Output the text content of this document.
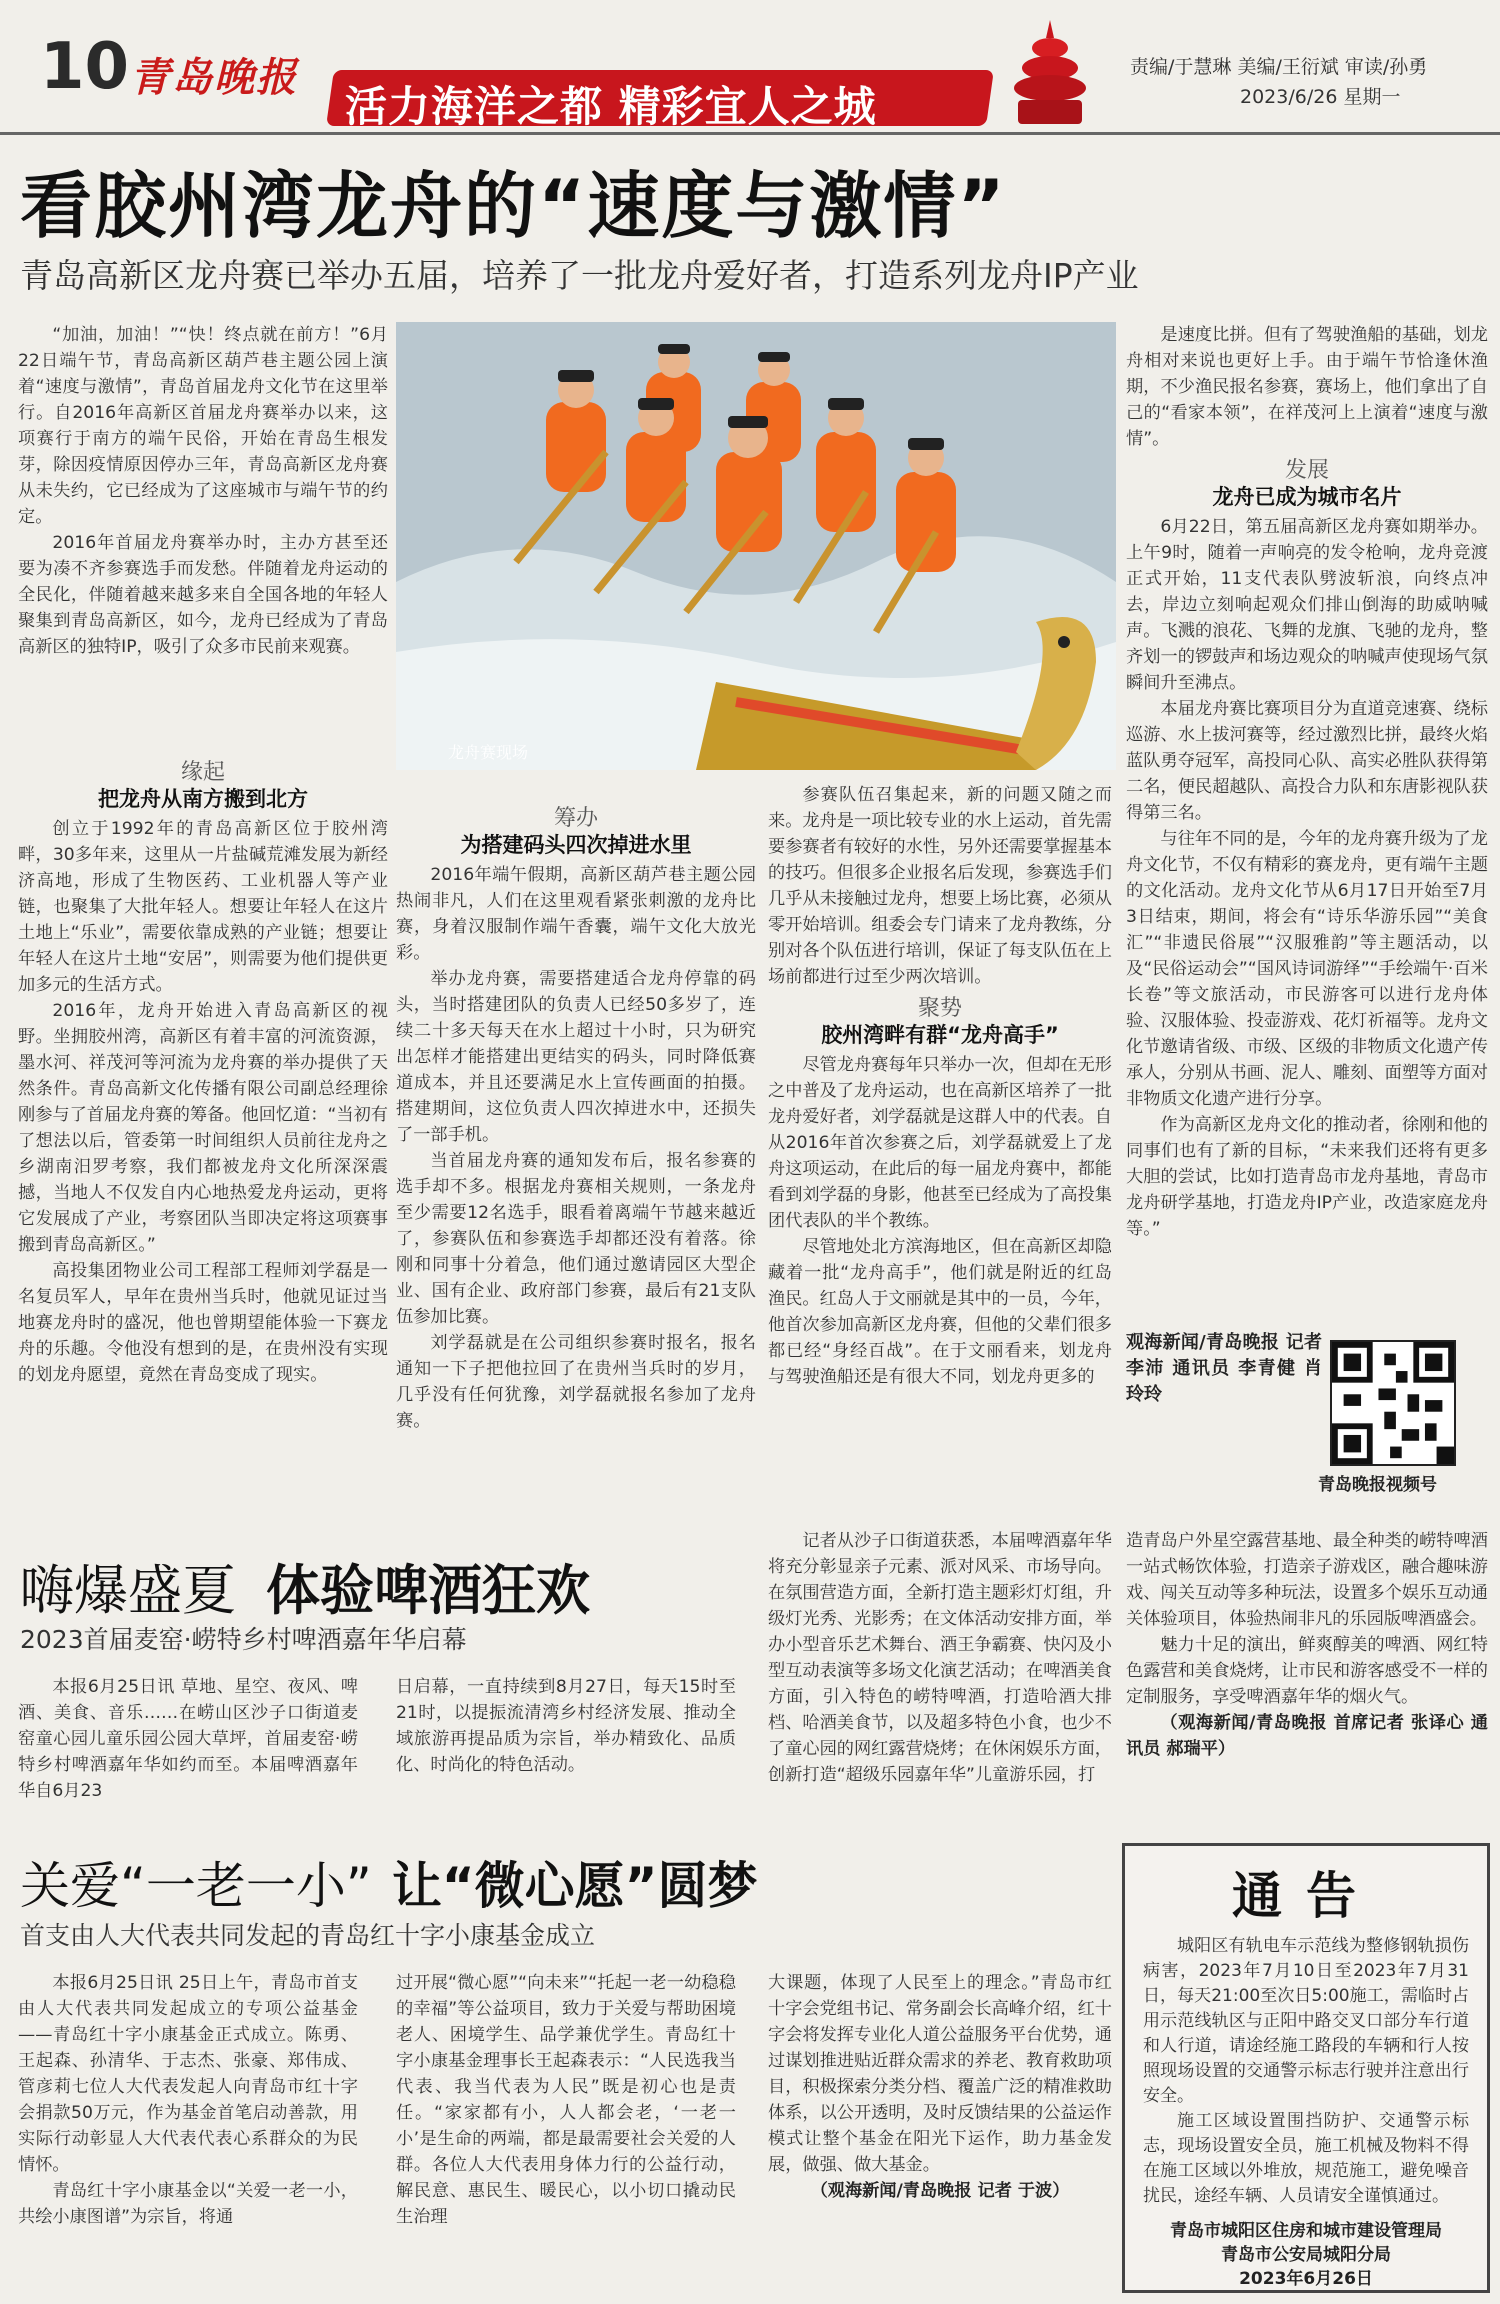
10 青岛晚报
活力海洋之都 精彩宜人之城
责编/于慧琳 美编/王衍斌 审读/孙勇
2023/6/26 星期一
看胶州湾龙舟的“速度与激情”
青岛高新区龙舟赛已举办五届，培养了一批龙舟爱好者，打造系列龙舟IP产业
龙舟赛现场

“加油，加油！”“快！终点就在前方！”6月22日端午节，青岛高新区葫芦巷主题公园上演着“速度与激情”，青岛首届龙舟文化节在这里举行。自2016年高新区首届龙舟赛举办以来，这项赛行于南方的端午民俗，开始在青岛生根发芽，除因疫情原因停办三年，青岛高新区龙舟赛从未失约，它已经成为了这座城市与端午节的约定。

2016年首届龙舟赛举办时，主办方甚至还要为凑不齐参赛选手而发愁。伴随着龙舟运动的全民化，伴随着越来越多来自全国各地的年轻人聚集到青岛高新区，如今，龙舟已经成为了青岛高新区的独特IP，吸引了众多市民前来观赛。

缘起
把龙舟从南方搬到北方

创立于1992年的青岛高新区位于胶州湾畔，30多年来，这里从一片盐碱荒滩发展为新经济高地，形成了生物医药、工业机器人等产业链，也聚集了大批年轻人。想要让年轻人在这片土地上“乐业”，需要依靠成熟的产业链；想要让年轻人在这片土地“安居”，则需要为他们提供更加多元的生活方式。

2016年，龙舟开始进入青岛高新区的视野。坐拥胶州湾，高新区有着丰富的河流资源，墨水河、祥茂河等河流为龙舟赛的举办提供了天然条件。青岛高新文化传播有限公司副总经理徐刚参与了首届龙舟赛的筹备。他回忆道：“当初有了想法以后，管委第一时间组织人员前往龙舟之乡湖南汨罗考察，我们都被龙舟文化所深深震撼，当地人不仅发自内心地热爱龙舟运动，更将它发展成了产业，考察团队当即决定将这项赛事搬到青岛高新区。”

高投集团物业公司工程部工程师刘学磊是一名复员军人，早年在贵州当兵时，他就见证过当地赛龙舟时的盛况，他也曾期望能体验一下赛龙舟的乐趣。令他没有想到的是，在贵州没有实现的划龙舟愿望，竟然在青岛变成了现实。

筹办
为搭建码头四次掉进水里

2016年端午假期，高新区葫芦巷主题公园热闹非凡，人们在这里观看紧张刺激的龙舟比赛，身着汉服制作端午香囊，端午文化大放光彩。

举办龙舟赛，需要搭建适合龙舟停靠的码头，当时搭建团队的负责人已经50多岁了，连续二十多天每天在水上超过十小时，只为研究出怎样才能搭建出更结实的码头，同时降低赛道成本，并且还要满足水上宣传画面的拍摄。搭建期间，这位负责人四次掉进水中，还损失了一部手机。

当首届龙舟赛的通知发布后，报名参赛的选手却不多。根据龙舟赛相关规则，一条龙舟至少需要12名选手，眼看着离端午节越来越近了，参赛队伍和参赛选手却都还没有着落。徐刚和同事十分着急，他们通过邀请园区大型企业、国有企业、政府部门参赛，最后有21支队伍参加比赛。

刘学磊就是在公司组织参赛时报名，报名通知一下子把他拉回了在贵州当兵时的岁月，几乎没有任何犹豫，刘学磊就报名参加了龙舟赛。

参赛队伍召集起来，新的问题又随之而来。龙舟是一项比较专业的水上运动，首先需要参赛者有较好的水性，另外还需要掌握基本的技巧。但很多企业报名后发现，参赛选手们几乎从未接触过龙舟，想要上场比赛，必须从零开始培训。组委会专门请来了龙舟教练，分别对各个队伍进行培训，保证了每支队伍在上场前都进行过至少两次培训。

聚势
胶州湾畔有群“龙舟高手”

尽管龙舟赛每年只举办一次，但却在无形之中普及了龙舟运动，也在高新区培养了一批龙舟爱好者，刘学磊就是这群人中的代表。自从2016年首次参赛之后，刘学磊就爱上了龙舟这项运动，在此后的每一届龙舟赛中，都能看到刘学磊的身影，他甚至已经成为了高投集团代表队的半个教练。

尽管地处北方滨海地区，但在高新区却隐藏着一批“龙舟高手”，他们就是附近的红岛渔民。红岛人于文丽就是其中的一员，今年，他首次参加高新区龙舟赛，但他的父辈们很多都已经“身经百战”。在于文丽看来，划龙舟与驾驶渔船还是有很大不同，划龙舟更多的

是速度比拼。但有了驾驶渔船的基础，划龙舟相对来说也更好上手。由于端午节恰逢休渔期，不少渔民报名参赛，赛场上，他们拿出了自己的“看家本领”，在祥茂河上上演着“速度与激情”。

发展
龙舟已成为城市名片

6月22日，第五届高新区龙舟赛如期举办。上午9时，随着一声响亮的发令枪响，龙舟竞渡正式开始，11支代表队劈波斩浪，向终点冲去，岸边立刻响起观众们排山倒海的助威呐喊声。飞溅的浪花、飞舞的龙旗、飞驰的龙舟，整齐划一的锣鼓声和场边观众的呐喊声使现场气氛瞬间升至沸点。

本届龙舟赛比赛项目分为直道竞速赛、绕标巡游、水上拔河赛等，经过激烈比拼，最终火焰蓝队勇夺冠军，高投同心队、高实必胜队获得第二名，便民超越队、高投合力队和东唐影视队获得第三名。

与往年不同的是，今年的龙舟赛升级为了龙舟文化节，不仅有精彩的赛龙舟，更有端午主题的文化活动。龙舟文化节从6月17日开始至7月3日结束，期间，将会有“诗乐华游乐园”“美食汇”“非遗民俗展”“汉服雅韵”等主题活动，以及“民俗运动会”“国风诗词游绎”“手绘端午·百米长卷”等文旅活动，市民游客可以进行龙舟体验、汉服体验、投壶游戏、花灯祈福等。龙舟文化节邀请省级、市级、区级的非物质文化遗产传承人，分别从书画、泥人、雕刻、面塑等方面对非物质文化遗产进行分享。

作为高新区龙舟文化的推动者，徐刚和他的同事们也有了新的目标，“未来我们还将有更多大胆的尝试，比如打造青岛市龙舟基地，青岛市龙舟研学基地，打造龙舟IP产业，改造家庭龙舟等。”

观海新闻/青岛晚报 记者 李沛 通讯员 李青健 肖玲玲
青岛晚报视频号
嗨爆盛夏 体验啤酒狂欢
2023首届麦窑·崂特乡村啤酒嘉年华启幕

本报6月25日讯 草地、星空、夜风、啤酒、美食、音乐……在崂山区沙子口街道麦窑童心园儿童乐园公园大草坪，首届麦窑·崂特乡村啤酒嘉年华如约而至。本届啤酒嘉年华自6月23

日启幕，一直持续到8月27日，每天15时至21时，以提振流清湾乡村经济发展、推动全域旅游再提品质为宗旨，举办精致化、品质化、时尚化的特色活动。

记者从沙子口街道获悉，本届啤酒嘉年华将充分彰显亲子元素、派对风采、市场导向。在氛围营造方面，全新打造主题彩灯灯组，升级灯光秀、光影秀；在文体活动安排方面，举办小型音乐艺术舞台、酒王争霸赛、快闪及小型互动表演等多场文化演艺活动；在啤酒美食方面，引入特色的崂特啤酒，打造哈酒大排档、哈酒美食节，以及超多特色小食，也少不了童心园的网红露营烧烤；在休闲娱乐方面，创新打造“超级乐园嘉年华”儿童游乐园，打

造青岛户外星空露营基地、最全种类的崂特啤酒一站式畅饮体验，打造亲子游戏区，融合趣味游戏、闯关互动等多种玩法，设置多个娱乐互动通关体验项目，体验热闹非凡的乐园版啤酒盛会。

魅力十足的演出，鲜爽醇美的啤酒、网红特色露营和美食烧烤，让市民和游客感受不一样的定制服务，享受啤酒嘉年华的烟火气。

（观海新闻/青岛晚报 首席记者 张译心 通讯员 郝瑞平）

关爱“一老一小” 让“微心愿”圆梦
首支由人大代表共同发起的青岛红十字小康基金成立

本报6月25日讯 25日上午，青岛市首支由人大代表共同发起成立的专项公益基金——青岛红十字小康基金正式成立。陈勇、王起森、孙清华、于志杰、张豪、郑伟成、管彦莉七位人大代表发起人向青岛市红十字会捐款50万元，作为基金首笔启动善款，用实际行动彰显人大代表代表心系群众的为民情怀。

青岛红十字小康基金以“关爱一老一小，共绘小康图谱”为宗旨，将通

过开展“微心愿”“向未来”“托起一老一幼稳稳的幸福”等公益项目，致力于关爱与帮助困境老人、困境学生、品学兼优学生。青岛红十字小康基金理事长王起森表示：“人民选我当代表、我当代表为人民”既是初心也是责任。“家家都有小，人人都会老，‘一老一小’是生命的两端，都是最需要社会关爱的人群。各位人大代表用身体力行的公益行动，解民意、惠民生、暖民心，以小切口撬动民生治理

大课题，体现了人民至上的理念。”青岛市红十字会党组书记、常务副会长高峰介绍，红十字会将发挥专业化人道公益服务平台优势，通过谋划推进贴近群众需求的养老、教育救助项目，积极探索分类分档、覆盖广泛的精准救助体系，以公开透明，及时反馈结果的公益运作模式让整个基金在阳光下运作，助力基金发展，做强、做大基金。

（观海新闻/青岛晚报 记者 于波）

通告

城阳区有轨电车示范线为整修钢轨损伤病害，2023年7月10日至2023年7月31日，每天21:00至次日5:00施工，需临时占用示范线轨区与正阳中路交叉口部分车行道和人行道，请途经施工路段的车辆和行人按照现场设置的交通警示标志行驶并注意出行安全。

施工区域设置围挡防护、交通警示标志，现场设置安全员，施工机械及物料不得在施工区域以外堆放，规范施工，避免噪音扰民，途经车辆、人员请安全谨慎通过。

青岛市城阳区住房和城市建设管理局
青岛市公安局城阳分局
2023年6月26日
